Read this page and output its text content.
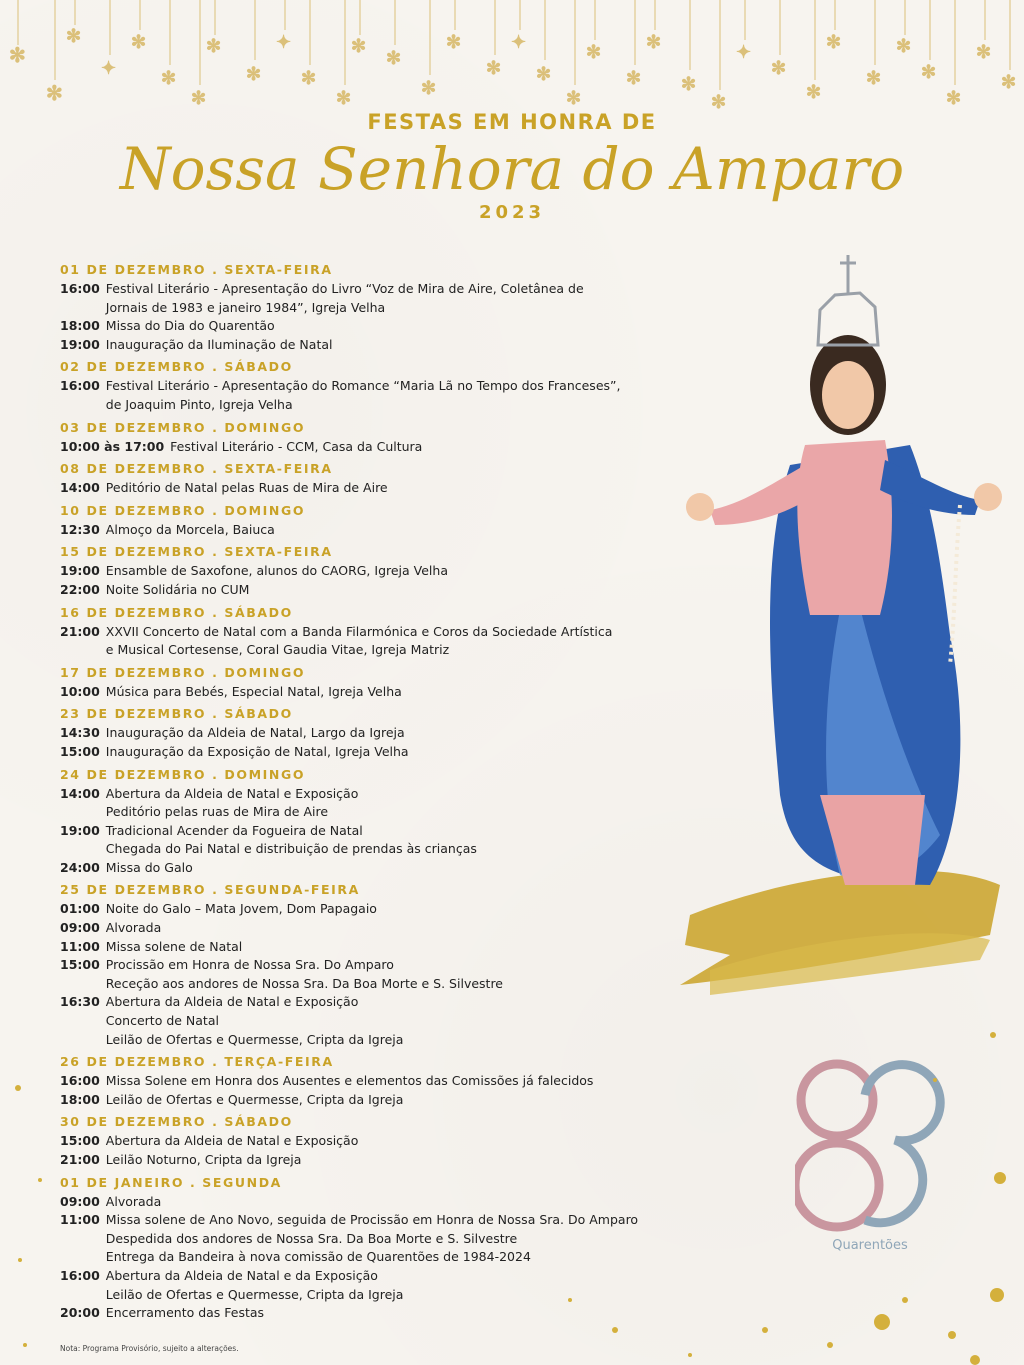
✻
✻
✻
✦
✻
✻
✻
✻
✻
✦
✻
✻
✻
✻
✻
✻
✻
✦
✻
✻
✻
✻
✻
✻
✻
✦
✻
✻
✻
✻
✻
✻
✻
✻
✻
FESTAS EM HONRA DE
Nossa Senhora do Amparo
2023
01 DE DEZEMBRO . SEXTA-FEIRA
16:00 Festival Literário - Apresentação do Livro “Voz de Mira de Aire, Coletânea de
Jornais de 1983 e janeiro 1984”, Igreja Velha
18:00 Missa do Dia do Quarentão
19:00 Inauguração da Iluminação de Natal
02 DE DEZEMBRO . SÁBADO
16:00 Festival Literário - Apresentação do Romance “Maria Lã no Tempo dos Franceses”,
de Joaquim Pinto, Igreja Velha
03 DE DEZEMBRO . DOMINGO
10:00 às 17:00 Festival Literário - CCM, Casa da Cultura
08 DE DEZEMBRO . SEXTA-FEIRA
14:00 Peditório de Natal pelas Ruas de Mira de Aire
10 DE DEZEMBRO . DOMINGO
12:30 Almoço da Morcela, Baiuca
15 DE DEZEMBRO . SEXTA-FEIRA
19:00 Ensamble de Saxofone, alunos do CAORG, Igreja Velha
22:00 Noite Solidária no CUM
16 DE DEZEMBRO . SÁBADO
21:00 XXVII Concerto de Natal com a Banda Filarmónica e Coros da Sociedade Artística
e Musical Cortesense, Coral Gaudia Vitae, Igreja Matriz
17 DE DEZEMBRO . DOMINGO
10:00 Música para Bebés, Especial Natal, Igreja Velha
23 DE DEZEMBRO . SÁBADO
14:30 Inauguração da Aldeia de Natal, Largo da Igreja
15:00 Inauguração da Exposição de Natal, Igreja Velha
24 DE DEZEMBRO . DOMINGO
14:00 Abertura da Aldeia de Natal e Exposição
Peditório pelas ruas de Mira de Aire
19:00 Tradicional Acender da Fogueira de Natal
Chegada do Pai Natal e distribuição de prendas às crianças
24:00 Missa do Galo
25 DE DEZEMBRO . SEGUNDA-FEIRA
01:00 Noite do Galo – Mata Jovem, Dom Papagaio
09:00 Alvorada
11:00 Missa solene de Natal
15:00 Procissão em Honra de Nossa Sra. Do Amparo
Receção aos andores de Nossa Sra. Da Boa Morte e S. Silvestre
16:30 Abertura da Aldeia de Natal e Exposição
Concerto de Natal
Leilão de Ofertas e Quermesse, Cripta da Igreja
26 DE DEZEMBRO . TERÇA-FEIRA
16:00 Missa Solene em Honra dos Ausentes e elementos das Comissões já falecidos
18:00 Leilão de Ofertas e Quermesse, Cripta da Igreja
30 DE DEZEMBRO . SÁBADO
15:00 Abertura da Aldeia de Natal e Exposição
21:00 Leilão Noturno, Cripta da Igreja
01 DE JANEIRO . SEGUNDA
09:00 Alvorada
11:00 Missa solene de Ano Novo, seguida de Procissão em Honra de Nossa Sra. Do Amparo
Despedida dos andores de Nossa Sra. Da Boa Morte e S. Silvestre
Entrega da Bandeira à nova comissão de Quarentões de 1984-2024
16:00 Abertura da Aldeia de Natal e da Exposição
Leilão de Ofertas e Quermesse, Cripta da Igreja
20:00 Encerramento das Festas
Nota: Programa Provisório, sujeito a alterações.
Quarentões
